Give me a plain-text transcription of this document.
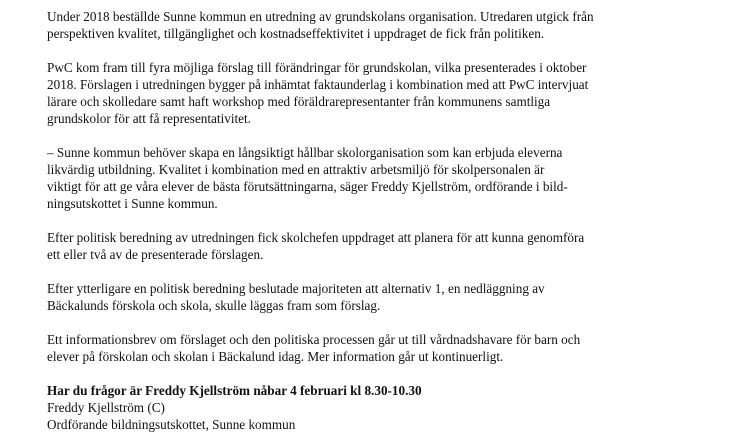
Under 2018 beställde Sunne kommun en utredning av grundskolans organisation. Utredaren utgick från
perspektiven kvalitet, tillgänglighet och kostnadseffektivitet i uppdraget de fick från politiken.

PwC kom fram till fyra möjliga förslag till förändringar för grundskolan, vilka presenterades i oktober
2018. Förslagen i utredningen bygger på inhämtat faktaunderlag i kombination med att PwC intervjuat
lärare och skolledare samt haft workshop med föräldrarepresentanter från kommunens samtliga
grundskolor för att få representativitet.

– Sunne kommun behöver skapa en långsiktigt hållbar skolorganisation som kan erbjuda eleverna
likvärdig utbildning. Kvalitet i kombination med en attraktiv arbetsmiljö för skolpersonalen är
viktigt för att ge våra elever de bästa förutsättningarna, säger Freddy Kjellström, ordförande i bild-
ningsutskottet i Sunne kommun.

Efter politisk beredning av utredningen fick skolchefen uppdraget att planera för att kunna genomföra
ett eller två av de presenterade förslagen.

Efter ytterligare en politisk beredning beslutade majoriteten att alternativ 1, en nedläggning av
Bäckalunds förskola och skola, skulle läggas fram som förslag.

Ett informationsbrev om förslaget och den politiska processen går ut till vårdnadshavare för barn och
elever på förskolan och skolan i Bäckalund idag. Mer information går ut kontinuerligt.

Har du frågor är Freddy Kjellström nåbar 4 februari kl 8.30-10.30
Freddy Kjellström (C)
Ordförande bildningsutskottet, Sunne kommun
